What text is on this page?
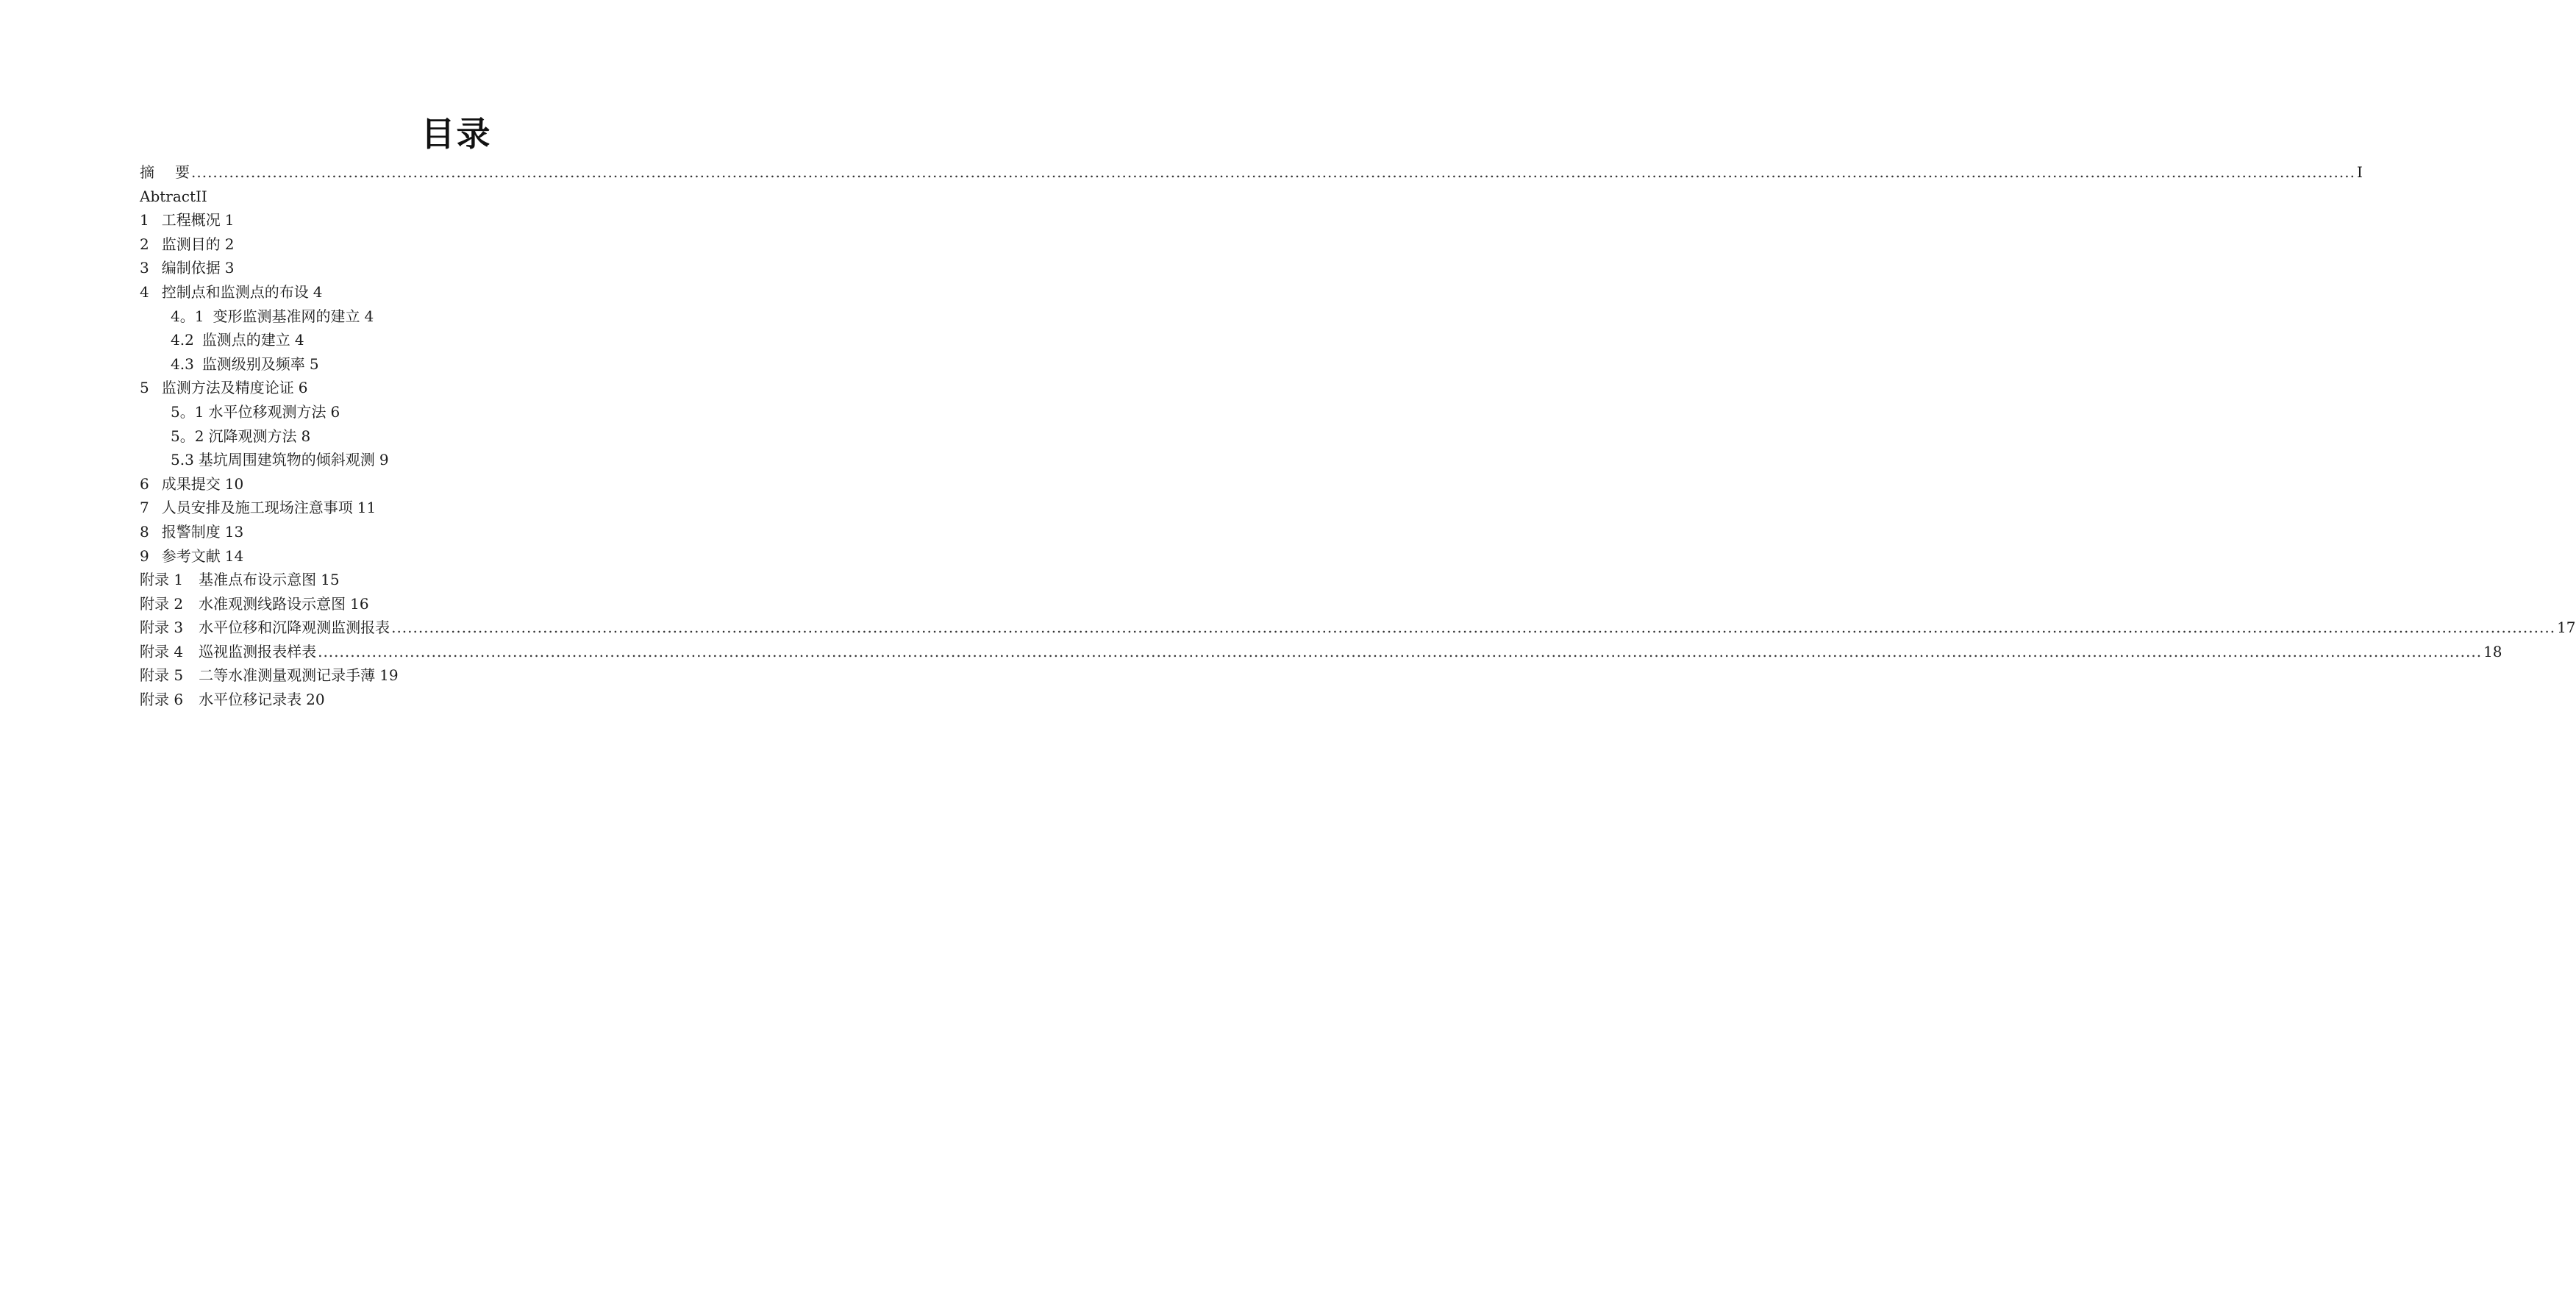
目录
摘 要 ................................................................................................................................................................................................................................................................................................................................................................................................................ I
Abtract II
1 工程概况 1
2 监测目的 2
3 编制依据 3
4 控制点和监测点的布设 4
4。1 变形监测基准网的建立 4
4.2 监测点的建立 4
4.3 监测级别及频率 5
5 监测方法及精度论证 6
5。1 水平位移观测方法 6
5。2 沉降观测方法 8
5.3 基坑周围建筑物的倾斜观测 9
6 成果提交 10
7 人员安排及施工现场注意事项 11
8 报警制度 13
9 参考文献 14
附录 1 基准点布设示意图 15
附录 2 水准观测线路设示意图 16
附录 3 水平位移和沉降观测监测报表 ................................................................................................................................................................................................................................................................................................................................................................................................................ 17
附录 4 巡视监测报表样表 ................................................................................................................................................................................................................................................................................................................................................................................................................ 18
附录 5 二等水准测量观测记录手薄 19
附录 6 水平位移记录表 20
